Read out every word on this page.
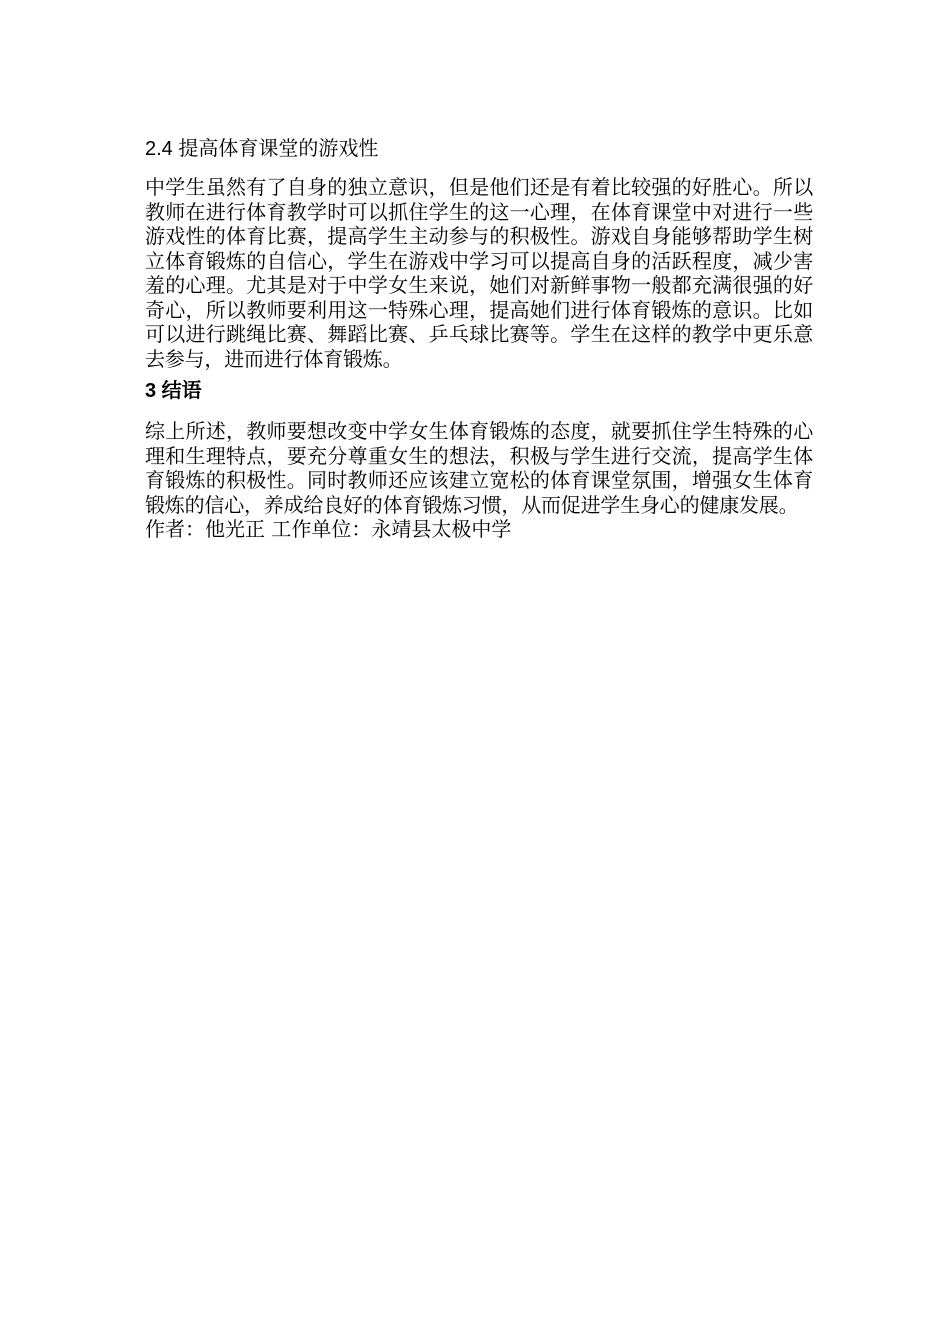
2.4 提高体育课堂的游戏性

中学生虽然有了自身的独立意识，但是他们还是有着比较强的好胜心。所以教师在进行体育教学时可以抓住学生的这一心理，在体育课堂中对进行一些游戏性的体育比赛，提高学生主动参与的积极性。游戏自身能够帮助学生树立体育锻炼的自信心，学生在游戏中学习可以提高自身的活跃程度，减少害羞的心理。尤其是对于中学女生来说，她们对新鲜事物一般都充满很强的好奇心，所以教师要利用这一特殊心理，提高她们进行体育锻炼的意识。比如可以进行跳绳比赛、舞蹈比赛、乒乓球比赛等。学生在这样的教学中更乐意去参与，进而进行体育锻炼。

3 结语

综上所述，教师要想改变中学女生体育锻炼的态度，就要抓住学生特殊的心理和生理特点，要充分尊重女生的想法，积极与学生进行交流，提高学生体育锻炼的积极性。同时教师还应该建立宽松的体育课堂氛围，增强女生体育锻炼的信心，养成给良好的体育锻炼习惯，从而促进学生身心的健康发展。

作者：他光正 工作单位：永靖县太极中学
